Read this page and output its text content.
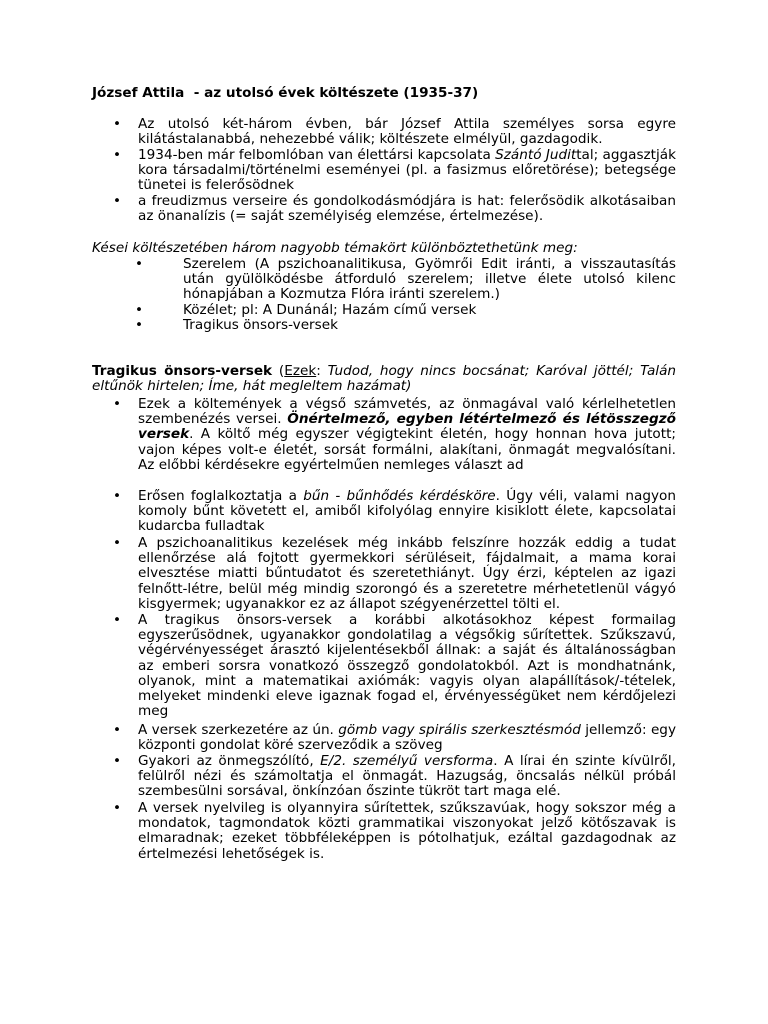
József Attila  - az utolsó évek költészete (1935-37)
•

Az utolsó két-három évben, bár József Attila személyes sorsa egyre kilátástalanabbá, nehezebbé válik; költészete elmélyül, gazdagodik.

•

1934-ben már felbomlóban van élettársi kapcsolata Szántó Judittal; aggasztják kora társadalmi/történelmi eseményei (pl. a fasizmus előretörése); betegsége tünetei is felerősödnek

•

a freudizmus verseire és gondolkodásmódjára is hat: felerősödik alkotásaiban az önanalízis (= saját személyiség elemzése, értelmezése).

Kései költészetében három nagyobb témakört különböztethetünk meg:
•

Szerelem (A pszichoanalitikusa, Gyömrői Edit iránti, a visszautasítás után gyülölködésbe átforduló szerelem; illetve élete utolsó kilenc hónapjában a Kozmutza Flóra iránti szerelem.)

•

Közélet; pl: A Dunánál; Hazám című versek

•

Tragikus önsors-versek

Tragikus önsors-versek (Ezek: Tudod, hogy nincs bocsánat; Karóval jöttél; Talán eltűnök hirtelen; Íme, hát megleltem hazámat)

•

Ezek a költemények a végső számvetés, az önmagával való kérlelhetetlen szembenézés versei. Önértelmező, egyben létértelmező és létösszegző versek. A költő még egyszer végigtekint életén, hogy honnan hova jutott; vajon képes volt-e életét, sorsát formálni, alakítani, önmagát megvalósítani. Az előbbi kérdésekre egyértelműen nemleges választ ad

•

Erősen foglalkoztatja a bűn - bűnhődés kérdésköre. Úgy véli, valami nagyon komoly bűnt követett el, amiből kifolyólag ennyire kisiklott élete, kapcsolatai kudarcba fulladtak

•

A pszichoanalitikus kezelések még inkább felszínre hozzák eddig a tudat ellenőrzése alá fojtott gyermekkori sérüléseit, fájdalmait, a mama korai elvesztése miatti bűntudatot és szeretethiányt. Úgy érzi, képtelen az igazi felnőtt-létre, belül még mindig szorongó és a szeretetre mérhetetlenül vágyó kisgyermek; ugyanakkor ez az állapot szégyenérzettel tölti el.

•

A tragikus önsors-versek a korábbi alkotásokhoz képest formailag egyszerűsödnek, ugyanakkor gondolatilag a végsőkig sűrítettek. Szűkszavú, végérvényességet árasztó kijelentésekből állnak: a saját és általánosságban az emberi sorsra vonatkozó összegző gondolatokból. Azt is mondhatnánk, olyanok, mint a matematikai axiómák: vagyis olyan alapállítások/-tételek, melyeket mindenki eleve igaznak fogad el, érvényességüket nem kérdőjelezi meg

•

A versek szerkezetére az ún. gömb vagy spirális szerkesztésmód jellemző: egy központi gondolat köré szerveződik a szöveg

•

Gyakori az önmegszólító, E/2. személyű versforma. A lírai én szinte kívülről, felülről nézi és számoltatja el önmagát. Hazugság, öncsalás nélkül próbál szembesülni sorsával, önkínzóan őszinte tükröt tart maga elé.

•

A versek nyelvileg is olyannyira sűrítettek, szűkszavúak, hogy sokszor még a mondatok, tagmondatok közti grammatikai viszonyokat jelző kötőszavak is elmaradnak; ezeket többféleképpen is pótolhatjuk, ezáltal gazdagodnak az értelmezési lehetőségek is.
